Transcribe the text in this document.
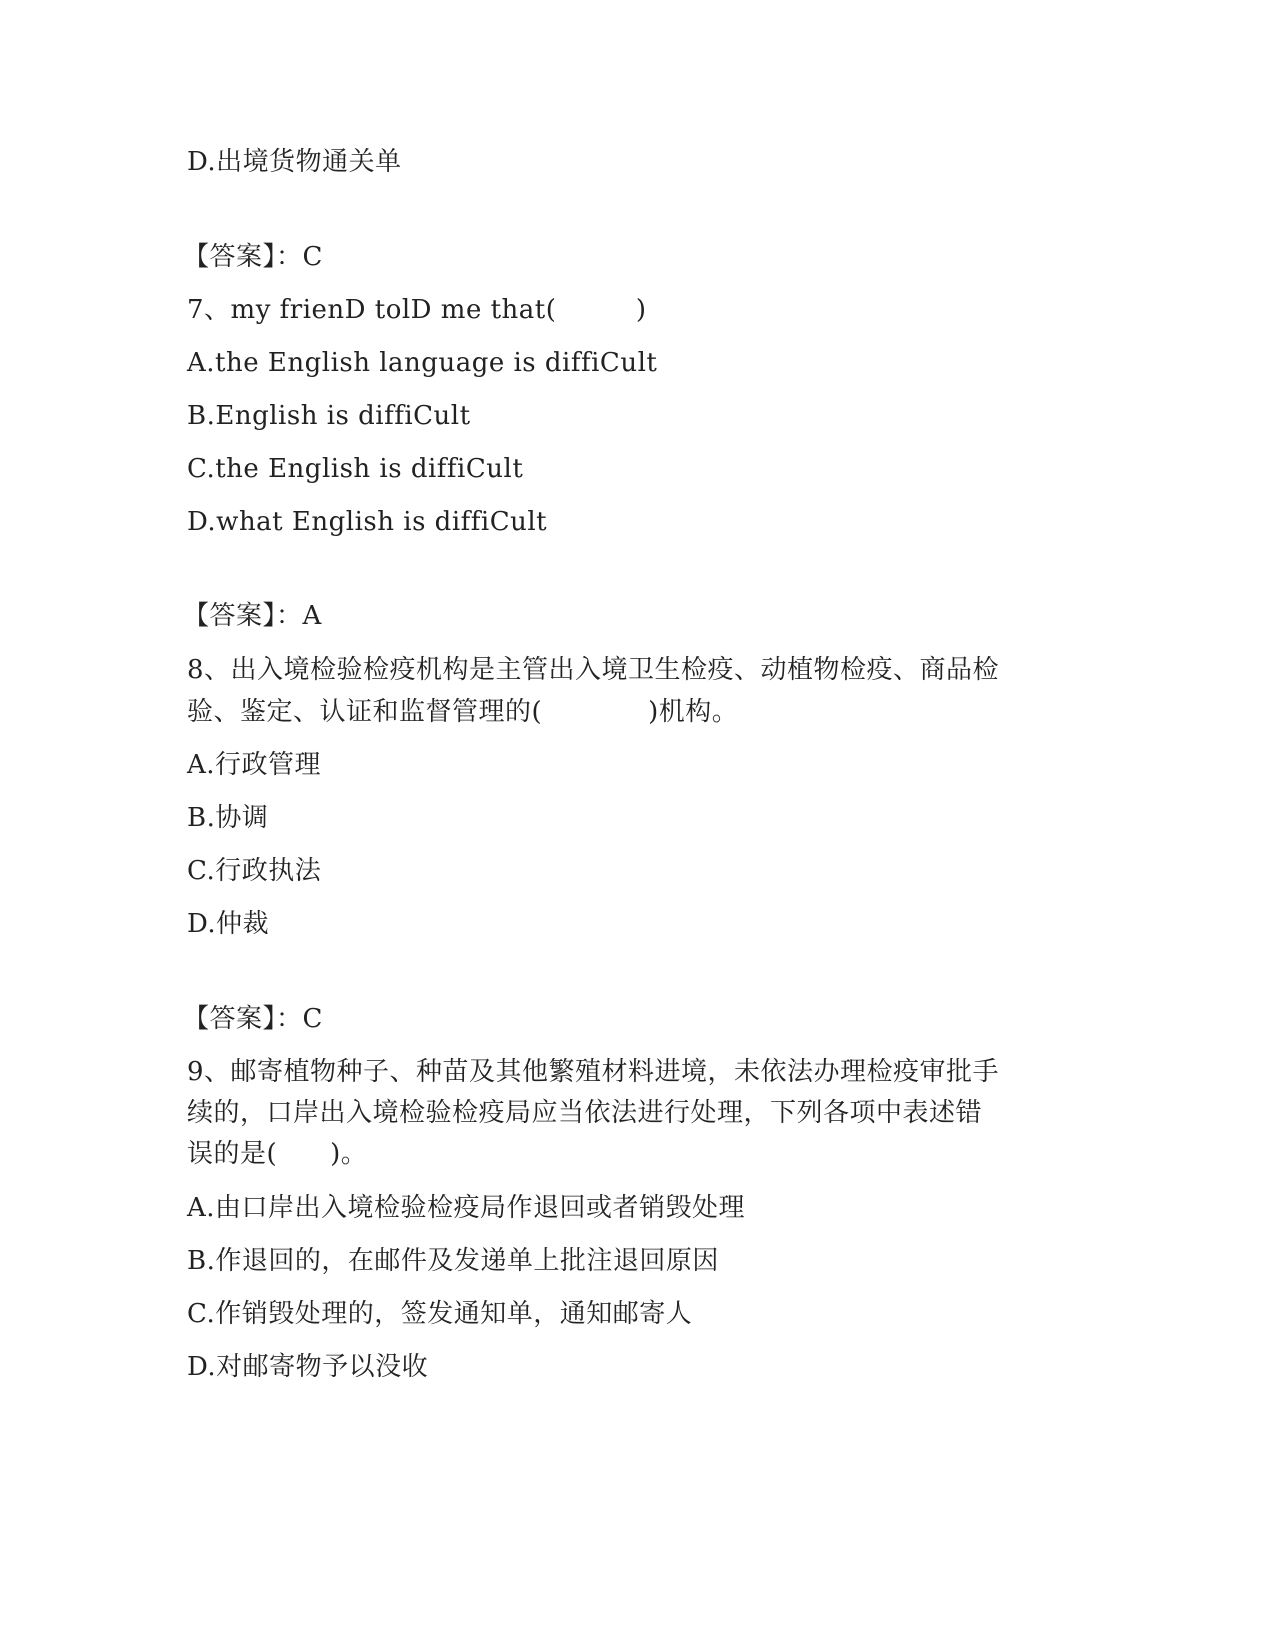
D.出境货物通关单
【答案】：C
7、my frienD tolD me that(　　　)
A.the English language is diffiCult
B.English is diffiCult
C.the English is diffiCult
D.what English is diffiCult
【答案】：A
8、出入境检验检疫机构是主管出入境卫生检疫、动植物检疫、商品检
验、鉴定、认证和监督管理的(　　　　)机构。
A.行政管理
B.协调
C.行政执法
D.仲裁
【答案】：C
9、邮寄植物种子、种苗及其他繁殖材料进境，未依法办理检疫审批手
续的，口岸出入境检验检疫局应当依法进行处理，下列各项中表述错
误的是(　　)。
A.由口岸出入境检验检疫局作退回或者销毁处理
B.作退回的，在邮件及发递单上批注退回原因
C.作销毁处理的，签发通知单，通知邮寄人
D.对邮寄物予以没收
